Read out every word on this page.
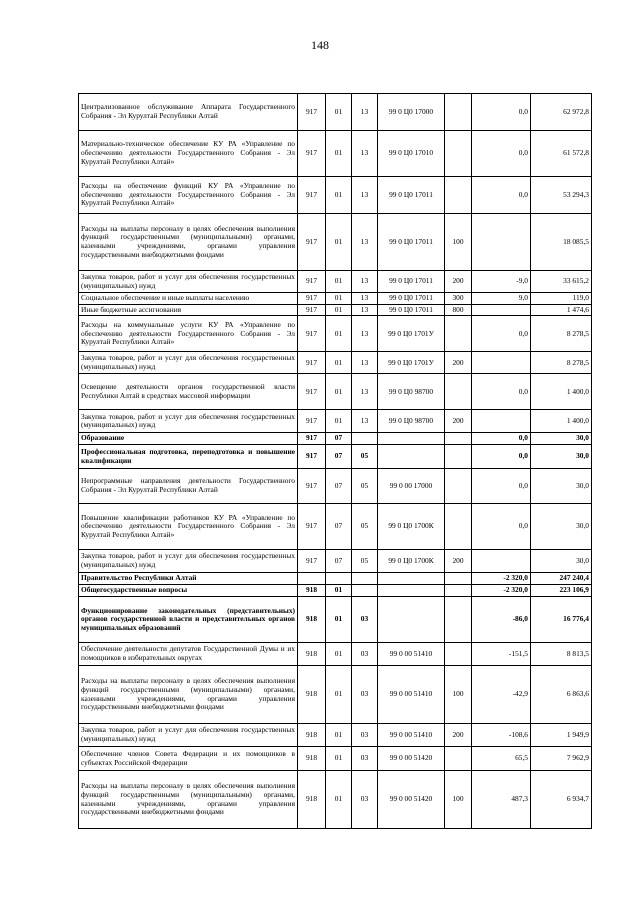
148
Централизованное обслуживание Аппарата Государственного Собрания - Эл Курултай Республики Алтай	917	01	13	99 0 Ц0 17000		0,0	62 972,8
Материально-техническое обеспечение КУ РА «Управление по обеспечению деятельности Государственного Собрания - Эл Курултай Республики Алтай»	917	01	13	99 0 Ц0 17010		0,0	61 572,8
Расходы на обеспечение функций КУ РА «Управление по обеспечению деятельности Государственного Собрания - Эл Курултай Республики Алтай»	917	01	13	99 0 Ц0 17011		0,0	53 294,3
Расходы на выплаты персоналу в целях обеспечения выполнения функций государственными (муниципальными) органами, казенными учреждениями, органами управления государственными внебюджетными фондами	917	01	13	99 0 Ц0 17011	100		18 085,5
Закупка товаров, работ и услуг для обеспечения государственных (муниципальных) нужд	917	01	13	99 0 Ц0 17011	200	-9,0	33 615,2
Социальное обеспечение и иные выплаты населению	917	01	13	99 0 Ц0 17011	300	9,0	119,0
Иные бюджетные ассигнования	917	01	13	99 0 Ц0 17011	800		1 474,6
Расходы на коммунальные услуги КУ РА «Управление по обеспечению деятельности Государственного Собрания - Эл Курултай Республики Алтай»	917	01	13	99 0 Ц0 1701У		0,0	8 278,5
Закупка товаров, работ и услуг для обеспечения государственных (муниципальных) нужд	917	01	13	99 0 Ц0 1701У	200		8 278,5
Освещение деятельности органов государственной власти Республики Алтай в средствах массовой информации	917	01	13	99 0 Ц0 98700		0,0	1 400,0
Закупка товаров, работ и услуг для обеспечения государственных (муниципальных) нужд	917	01	13	99 0 Ц0 98700	200		1 400,0
Образование	917	07				0,0	30,0
Профессиональная подготовка, переподготовка и повышение квалификации	917	07	05			0,0	30,0
Непрограммные направления деятельности Государственного Собрания - Эл Курултай Республики Алтай	917	07	05	99 0 00 17000		0,0	30,0
Повышение квалификации работников КУ РА «Управление по обеспечению деятельности Государственного Собрания - Эл Курултай Республики Алтай»	917	07	05	99 0 Ц0 1700К		0,0	30,0
Закупка товаров, работ и услуг для обеспечения государственных (муниципальных) нужд	917	07	05	99 0 Ц0 1700К	200		30,0
Правительство Республики Алтай						-2 320,0	247 240,4
Общегосударственные вопросы	918	01				-2 320,0	223 106,9
Функционирование законодательных (представительных) органов государственной власти и представительных органов муниципальных образований	918	01	03			-86,0	16 776,4
Обеспечение деятельности депутатов Государственной Думы и их помощников в избирательных округах	918	01	03	99 0 00 51410		-151,5	8 813,5
Расходы на выплаты персоналу в целях обеспечения выполнения функций государственными (муниципальными) органами, казенными учреждениями, органами управления государственными внебюджетными фондами	918	01	03	99 0 00 51410	100	-42,9	6 863,6
Закупка товаров, работ и услуг для обеспечения государственных (муниципальных) нужд	918	01	03	99 0 00 51410	200	-108,6	1 949,9
Обеспечение членов Совета Федерации и их помощников в субъектах Российской Федерации	918	01	03	99 0 00 51420		65,5	7 962,9
Расходы на выплаты персоналу в целях обеспечения выполнения функций государственными (муниципальными) органами, казенными учреждениями, органами управления государственными внебюджетными фондами	918	01	03	99 0 00 51420	100	487,3	6 934,7
